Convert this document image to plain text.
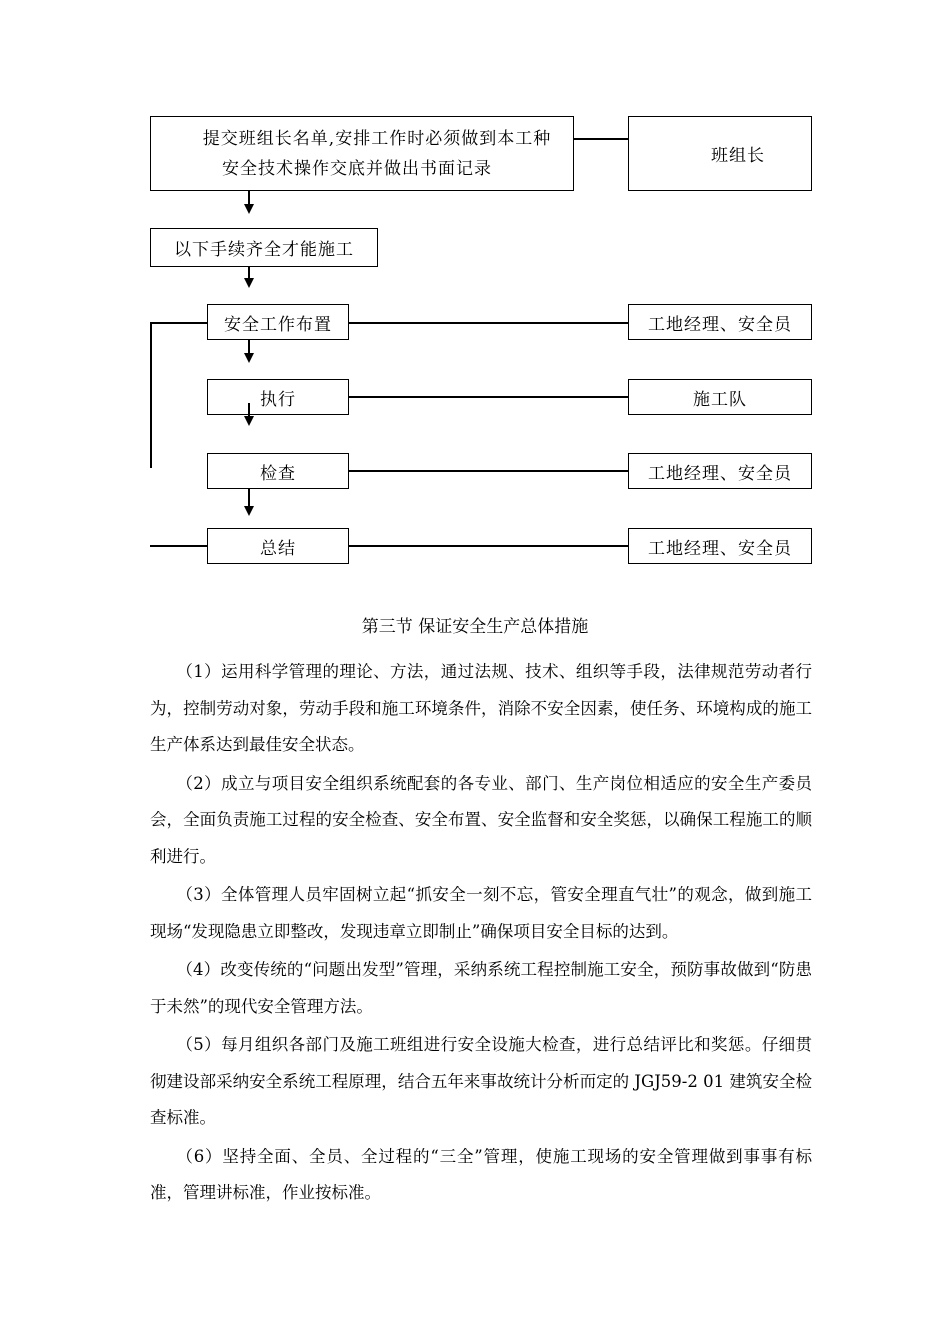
提交班组长名单,安排工作时必须做到本工种
安全技术操作交底并做出书面记录
班组长
以下手续齐全才能施工
安全工作布置	工地经理、安全员
执行	施工队
检查	工地经理、安全员
总结	工地经理、安全员
第三节 保证安全生产总体措施

（1）运用科学管理的理论、方法，通过法规、技术、组织等手段，法律规范劳动者行为，控制劳动对象，劳动手段和施工环境条件，消除不安全因素，使任务、环境构成的施工生产体系达到最佳安全状态。

（2）成立与项目安全组织系统配套的各专业、部门、生产岗位相适应的安全生产委员会，全面负责施工过程的安全检查、安全布置、安全监督和安全奖惩，以确保工程施工的顺利进行。

（3）全体管理人员牢固树立起“抓安全一刻不忘，管安全理直气壮”的观念，做到施工现场“发现隐患立即整改，发现违章立即制止”确保项目安全目标的达到。

（4）改变传统的“问题出发型”管理，采纳系统工程控制施工安全，预防事故做到“防患于未然”的现代安全管理方法。

（5）每月组织各部门及施工班组进行安全设施大检查，进行总结评比和奖惩。仔细贯彻建设部采纳安全系统工程原理，结合五年来事故统计分析而定的 JGJ59-2 01 建筑安全检查标准。

（6）坚持全面、全员、全过程的“三全”管理，使施工现场的安全管理做到事事有标准，管理讲标准，作业按标准。
